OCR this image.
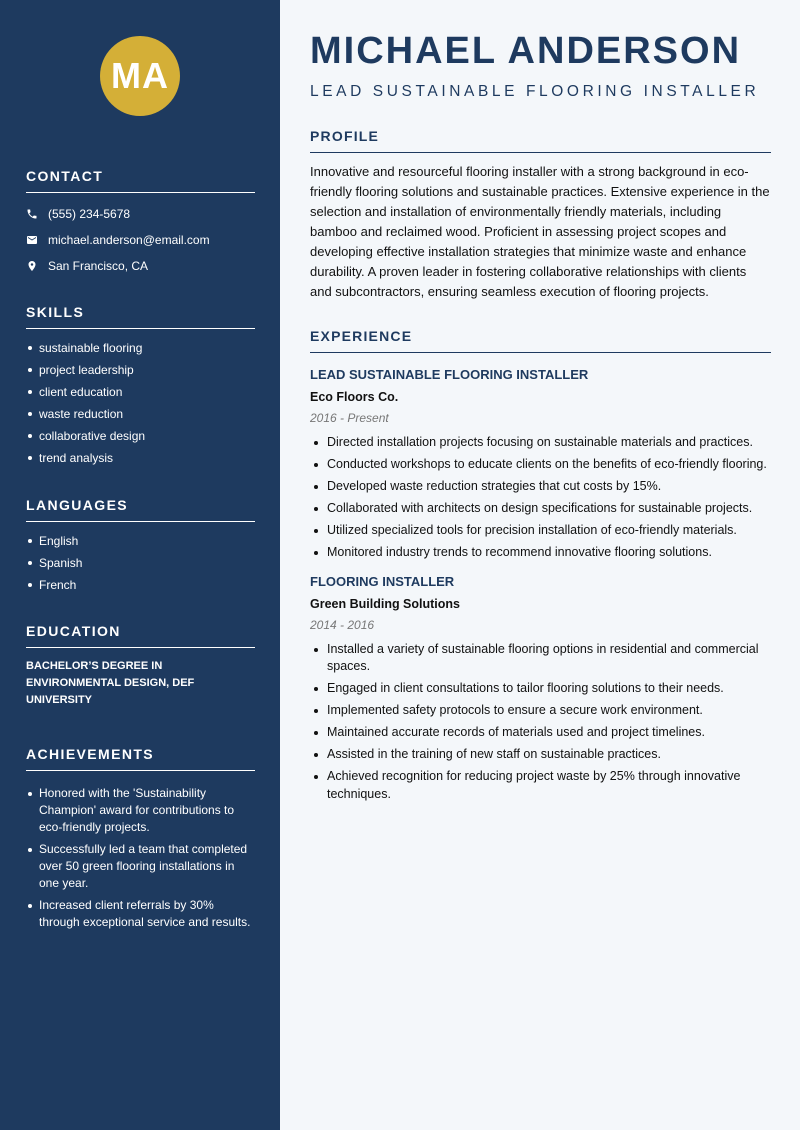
MA
CONTACT
(555) 234-5678
michael.anderson@email.com
San Francisco, CA
SKILLS
sustainable flooring
project leadership
client education
waste reduction
collaborative design
trend analysis
LANGUAGES
English
Spanish
French
EDUCATION
BACHELOR’S DEGREE IN ENVIRONMENTAL DESIGN, DEF UNIVERSITY
ACHIEVEMENTS
Honored with the 'Sustainability Champion' award for contributions to eco-friendly projects.
Successfully led a team that completed over 50 green flooring installations in one year.
Increased client referrals by 30% through exceptional service and results.
MICHAEL ANDERSON
LEAD SUSTAINABLE FLOORING INSTALLER
PROFILE

Innovative and resourceful flooring installer with a strong background in eco-friendly flooring solutions and sustainable practices. Extensive experience in the selection and installation of environmentally friendly materials, including bamboo and reclaimed wood. Proficient in assessing project scopes and developing effective installation strategies that minimize waste and enhance durability. A proven leader in fostering collaborative relationships with clients and subcontractors, ensuring seamless execution of flooring projects.

EXPERIENCE
LEAD SUSTAINABLE FLOORING INSTALLER
Eco Floors Co.
2016 - Present
Directed installation projects focusing on sustainable materials and practices.
Conducted workshops to educate clients on the benefits of eco-friendly flooring.
Developed waste reduction strategies that cut costs by 15%.
Collaborated with architects on design specifications for sustainable projects.
Utilized specialized tools for precision installation of eco-friendly materials.
Monitored industry trends to recommend innovative flooring solutions.
FLOORING INSTALLER
Green Building Solutions
2014 - 2016
Installed a variety of sustainable flooring options in residential and commercial spaces.
Engaged in client consultations to tailor flooring solutions to their needs.
Implemented safety protocols to ensure a secure work environment.
Maintained accurate records of materials used and project timelines.
Assisted in the training of new staff on sustainable practices.
Achieved recognition for reducing project waste by 25% through innovative techniques.
